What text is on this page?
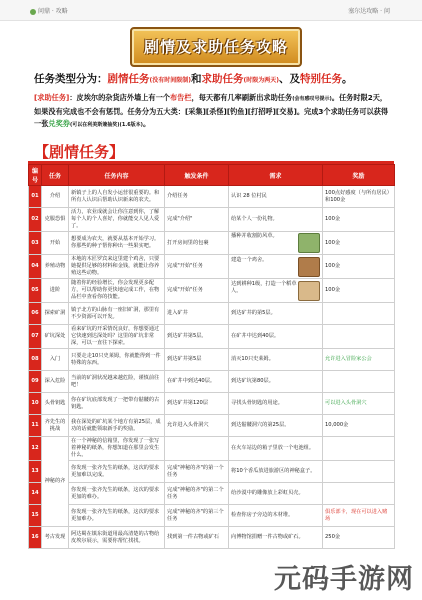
问鼎 · 攻略	塞尔达攻略 · 问
剧情及求助任务攻略
任务类型分为：剧情任务(没有时间限制)和求助任务(时限为两天)、及特别任务。
[求助任务]：皮埃尔的杂货店外墙上有一个布告栏，每天都有几率刷新出求助任务(会有感叹号提示)。任务时限2天，如果没有完成也不会有惩罚。任务分为五大类：[采集][杀怪][钓鱼][打招呼][交易]。完成3个求助任务可以获得一张兑奖券(可以在利美斯兼抽奖)(1.6版本)。
【剧情任务】
编号	任务	任务内容	触发条件	需求	奖励
01	介绍	新镇子上的人自发小运营很重要的。和所有人认识后帮助认识新来的农夫。	介绍任务	认识 28 位村民	100点好感度（与所有居民）和100金
02	克服恐惧	活力，农业成就会让你注意到你，了解每个人的个人喜好，你就能交人见人爱了。	完成"介绍"	给某个人一份礼物。	100金
03	开始	想要成为农夫，就要从基本开始学习。你那些的种子帮你种出一些果实吧。	打开房间里的包裹	播种并收割防风草。	100金
04	养殖动物	本地的木匠罗宾来这里建个鸡舍，只要她提供足够的材料和金钱，就能让你养殖这些动物。	完成"开始"任务	建造一个鸡舍。	100金
05	进阶	随着你的经验增长，你会发现更多配方，可以帮助你更快地完成工作，在物品栏中查看你的技能。	完成"开始"任务	达到耕种1级，打造一个稻草人。	100金
06	探索矿洞	镇子北方的山脉有一座旧矿洞，那里有不少资源可以开发。	进入矿井	到达矿井的第5层。	
07	矿坑深处	看来矿坑的开采情况良好，你想要通过它快速到达深处吗？这里的矿坑非常深，可以一直往下探索。	到达矿井第5层。	在矿井中达到40层。	
08	入门	只要走走10只史莱姆，你就能得到一件特殊的东西。	到达矿井第5层	消灭10只史莱姆。	允许进入冒险家公会
09	深入危险	当前的矿洞状况越来越危险，谨慎前往吧！	在矿井中到达40层。	到达矿坑第80层。	
10	头骨钥匙	你在矿坑底部发现了一把带有骷髅的古钥匙。	到达矿井第120层	寻找头骨钥匙的用途。	可以进入头骨洞穴
11	齐先生的挑战	我在深处的矿坑某个地方有第25层，成功的话就能领取新手的奖励。	允许进入头骨洞穴	到达骷髅洞穴的第25层。	10,000金
12	神秘的齐	在一个神秘的信箱里，你发现了一张写着神秘的纸条，你想知道在那里会发生什么。		在火车站边的箱子里放一个电池组。	
13		你发现一张齐先生的纸条，这次的要求更加难以完成。	完成"神秘的齐"的第一个任务	将10个香瓜放进旅游区的神秘盒子。	
14		你发现一张齐先生的纸条，这次的要求更加的难办。	完成"神秘的齐"的第二个任务	给沙漠中的雕像放上彩虹贝壳。	
15		你发现一张齐先生的纸条，这次的要求更加难办。	完成"神秘的齐"的第三个任务	检查你房子旁边的木材堆。	俱乐部卡，现在可以进入赌场
16	考古发现	阿达蜀在镇东街道用最高清楚的古物给皮埃尔展示，需要你帮忙找找。	找到第一件古物或矿石	向博物馆捐赠一件古物或矿石。	250金
元码手游网
